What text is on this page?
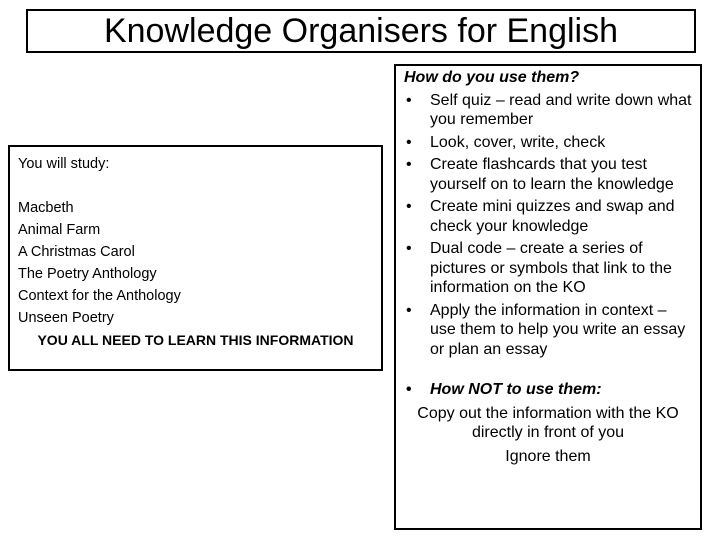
Knowledge Organisers for English
You will study:
Macbeth
Animal Farm
A Christmas Carol
The Poetry Anthology
Context for the Anthology
Unseen Poetry
YOU ALL NEED TO LEARN THIS INFORMATION
How do you use them?
• Self quiz – read and write down what you remember
• Look, cover, write, check
• Create flashcards that you test yourself on to learn the knowledge
• Create mini quizzes and swap and check your knowledge
• Dual code – create a series of pictures or symbols that link to the information on the KO
• Apply the information in context – use them to help you write an essay or plan an essay
• How NOT to use them:
Copy out the information with the KO directly in front of you
Ignore them
